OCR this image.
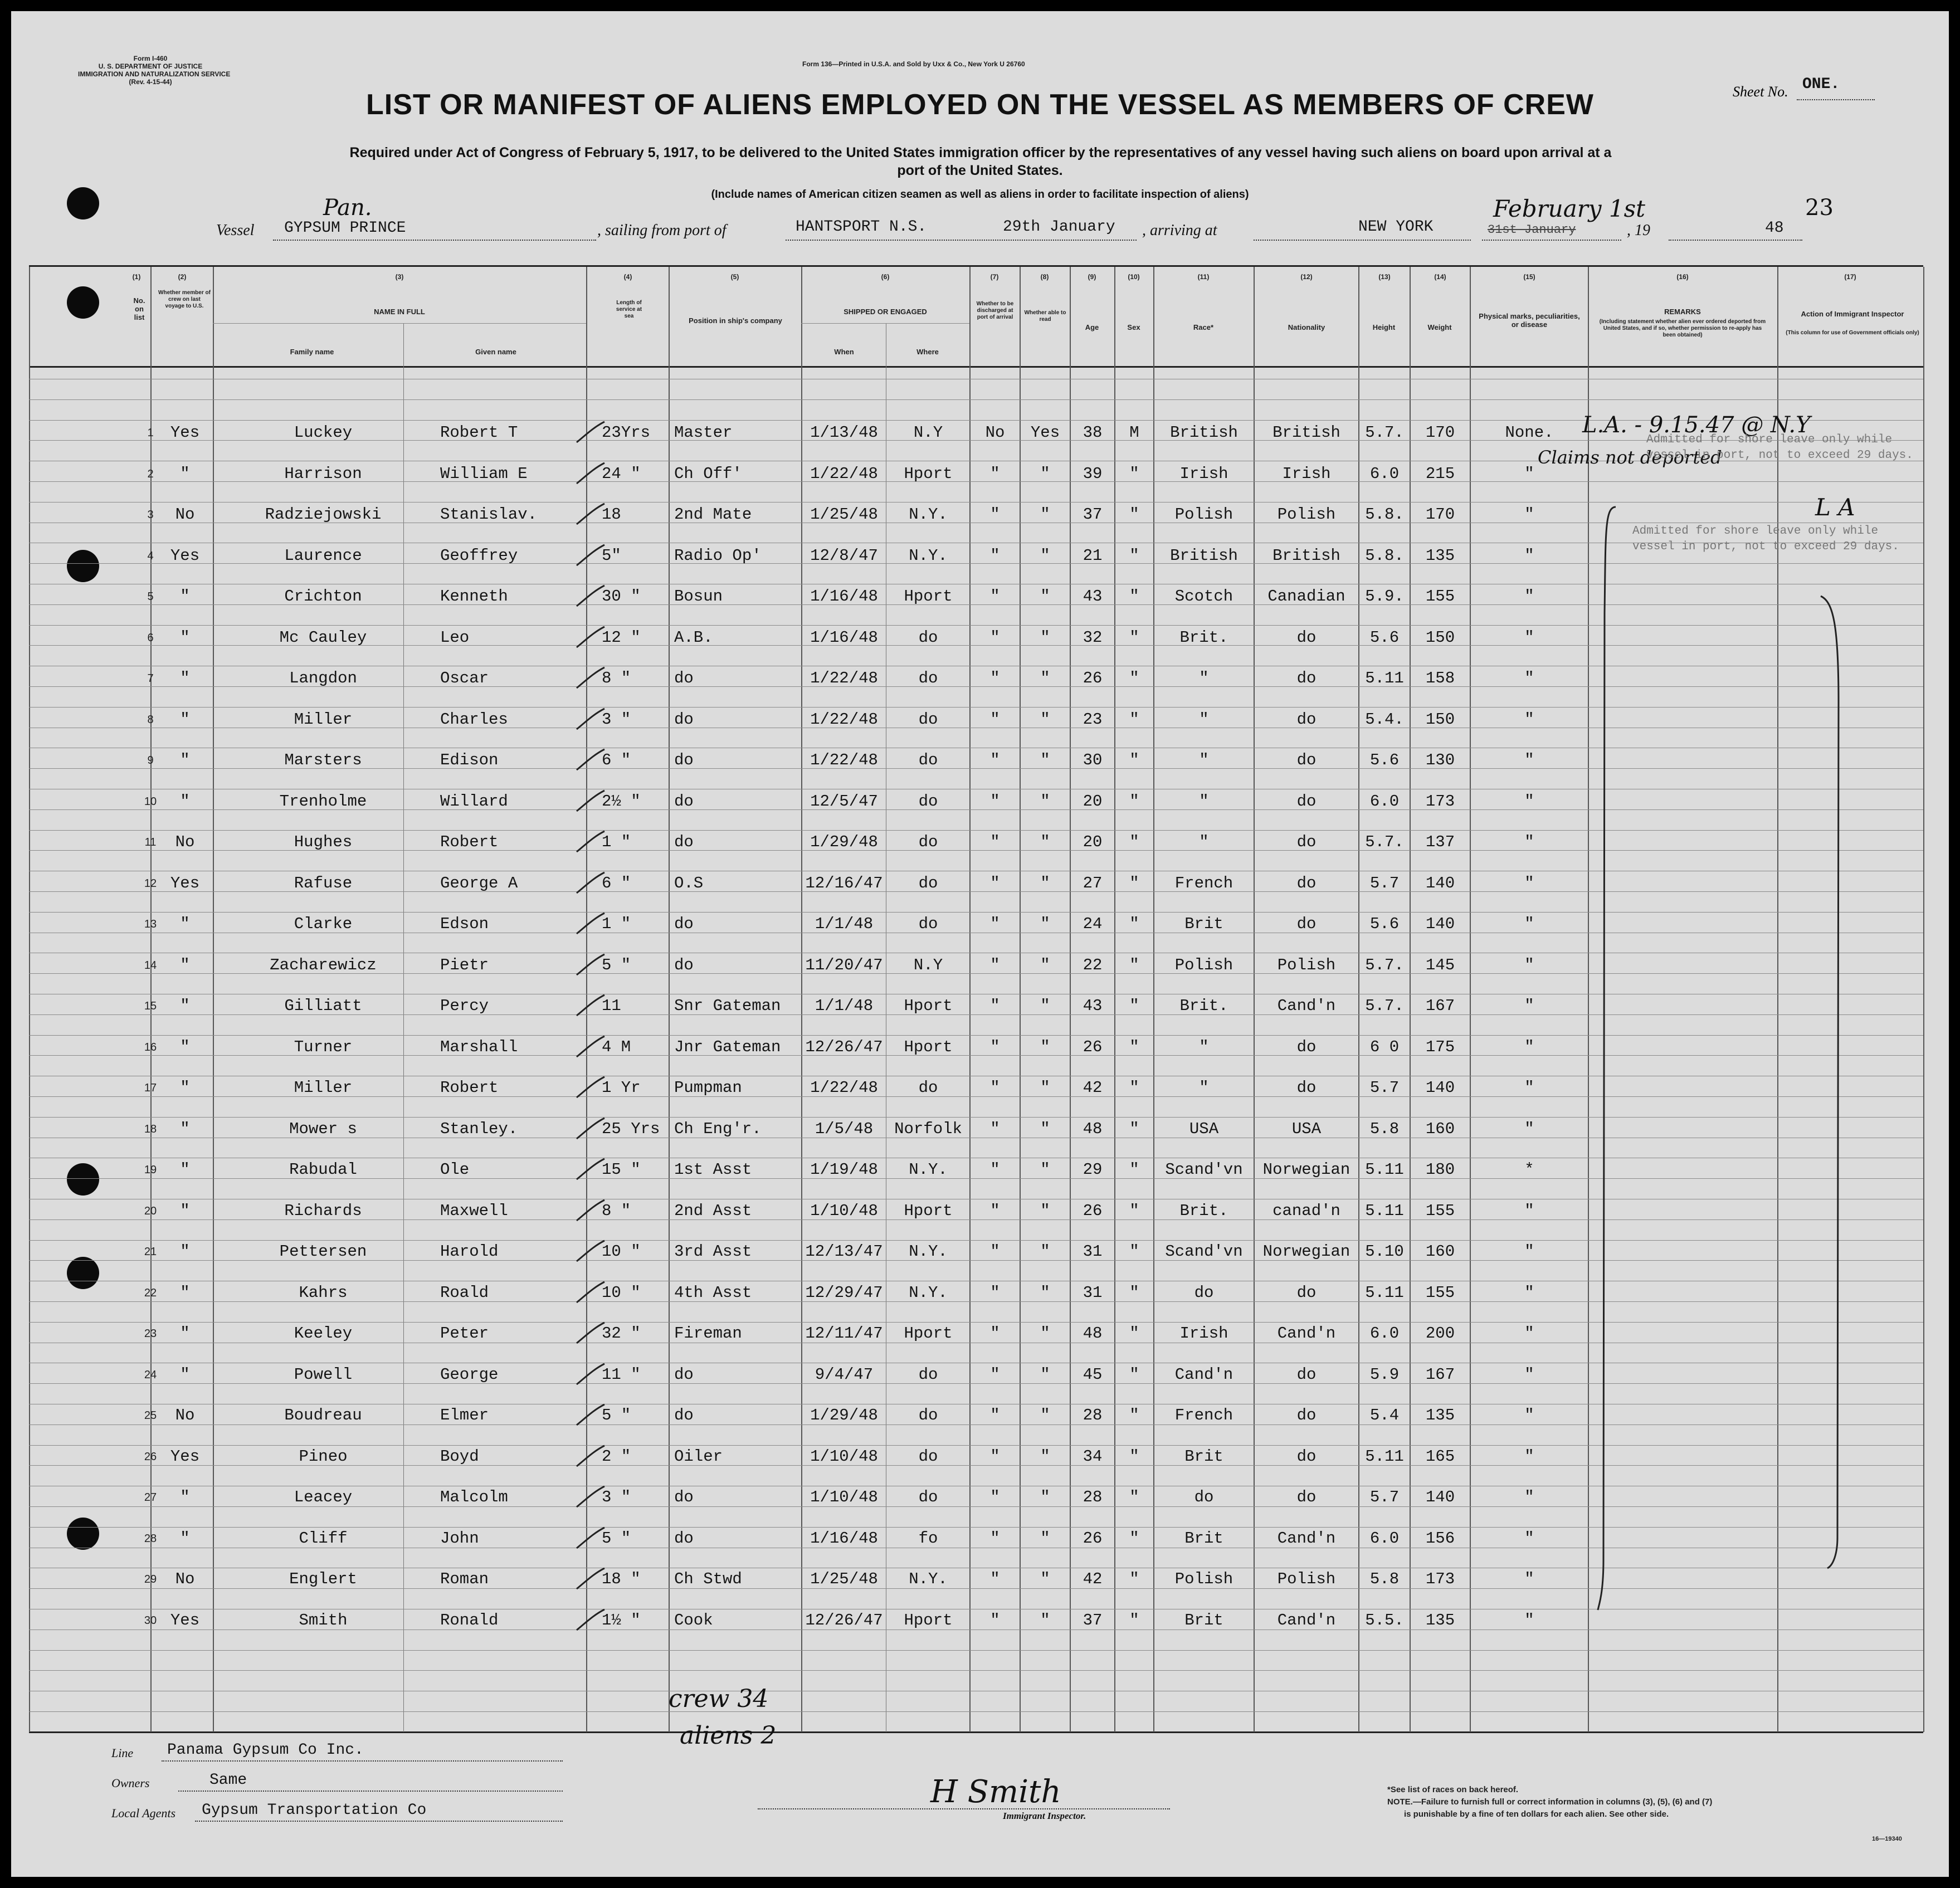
Form I-460
U. S. DEPARTMENT OF JUSTICE
IMMIGRATION AND NATURALIZATION SERVICE
(Rev. 4-15-44)
Form 136—Printed in U.S.A. and Sold by Uxx & Co., New York U 26760
Sheet No. ONE.
LIST OR MANIFEST OF ALIENS EMPLOYED ON THE VESSEL AS MEMBERS OF CREW
Required under Act of Congress of February 5, 1917, to be delivered to the United States immigration officer by the representatives of any vessel having such aliens on board upon arrival at a
port of the United States.
(Include names of American citizen seamen as well as aliens in order to facilitate inspection of aliens)
23
Vessel
Pan.
GYPSUM PRINCE	, sailing from port of	HANTSPORT N.S.	29th January , arriving at	NEW YORK
February 1st
31st January	, 19	48
(1)	(2)	(3)	(4)	(5)	(6)	(7)	(8)	(9)	(10)	(11)	(12)	(13)	(14)	(15)	(16)	(17)
No. on list
Whether member of crew on last voyage to U.S.
NAME IN FULL
Family name	Given name
Length of service at sea
Position in ship's company
SHIPPED OR ENGAGED
When	Where
Whether to be discharged at port of arrival
Whether able to read
Age	Sex	Race*	Nationality	Height	Weight
Physical marks, peculiarities, or disease
REMARKS
(Including statement whether alien ever ordered deported from United States, and if so, whether permission to re-apply has been obtained)
Action of Immigrant Inspector
(This column for use of Government officials only)
1	Yes	Luckey	Robert T	23Yrs	Master	1/13/48	N.Y	No	Yes	38	M	British	British	5.7.	170	None.
2	"	Harrison	William E	24 "	Ch Off'	1/22/48	Hport	"	"	39	"	Irish	Irish	6.0	215	"
3	No	Radziejowski	Stanislav.	18	2nd Mate	1/25/48	N.Y.	"	"	37	"	Polish	Polish	5.8.	170	"
4	Yes	Laurence	Geoffrey	5"	Radio Op'	12/8/47	N.Y.	"	"	21	"	British	British	5.8.	135	"
5	"	Crichton	Kenneth	30 "	Bosun	1/16/48	Hport	"	"	43	"	Scotch	Canadian	5.9.	155	"
6	"	Mc Cauley	Leo	12 "	A.B.	1/16/48	do	"	"	32	"	Brit.	do	5.6	150	"
7	"	Langdon	Oscar	8 "	do	1/22/48	do	"	"	26	"	"	do	5.11	158	"
8	"	Miller	Charles	3 "	do	1/22/48	do	"	"	23	"	"	do	5.4.	150	"
9	"	Marsters	Edison	6 "	do	1/22/48	do	"	"	30	"	"	do	5.6	130	"
10	"	Trenholme	Willard	2½ "	do	12/5/47	do	"	"	20	"	"	do	6.0	173	"
11	No	Hughes	Robert	1 "	do	1/29/48	do	"	"	20	"	"	do	5.7.	137	"
12 Yes	Rafuse	George A	6 "	O.S	12/16/47	do	"	"	27	"	French	do	5.7	140	"
13	"	Clarke	Edson	1 "	do	1/1/48	do	"	"	24	"	Brit	do	5.6	140	"
14	"	Zacharewicz	Pietr	5 "	do	11/20/47	N.Y	"	"	22	"	Polish	Polish	5.7.	145	"
15	"	Gilliatt	Percy	11	Snr Gateman	1/1/48	Hport	"	"	43	"	Brit.	Cand'n	5.7.	167	"
16	"	Turner	Marshall	4 M	Jnr Gateman	12/26/47	Hport	"	"	26	"	"	do	6 0	175	"
17	"	Miller	Robert	1 Yr	Pumpman	1/22/48	do	"	"	42	"	"	do	5.7	140	"
18	"	Mower s	Stanley.	25 Yrs Ch Eng'r.	1/5/48	Norfolk	"	"	48	"	USA	USA	5.8	160	"
19	"	Rabudal	Ole	15 "	1st Asst	1/19/48	N.Y.	"	"	29	"	Scand'vn	Norwegian 5.11	180	*
20	"	Richards	Maxwell	8 "	2nd Asst	1/10/48	Hport	"	"	26	"	Brit.	canad'n	5.11	155	"
21	"	Pettersen	Harold	10 "	3rd Asst	12/13/47	N.Y.	"	"	31	"	Scand'vn	Norwegian 5.10	160	"
22	"	Kahrs	Roald	10 "	4th Asst	12/29/47	N.Y.	"	"	31	"	do	do	5.11	155	"
23	"	Keeley	Peter	32 "	Fireman	12/11/47	Hport	"	"	48	"	Irish	Cand'n	6.0	200	"
24	"	Powell	George	11 "	do	9/4/47	do	"	"	45	"	Cand'n	do	5.9	167	"
25	No	Boudreau	Elmer	5 "	do	1/29/48	do	"	"	28	"	French	do	5.4	135	"
26 Yes	Pineo	Boyd	2 "	Oiler	1/10/48	do	"	"	34	"	Brit	do	5.11	165	"
27	"	Leacey	Malcolm	3 "	do	1/10/48	do	"	"	28	"	do	do	5.7	140	"
28	"	Cliff	John	5 "	do	1/16/48	fo	"	"	26	"	Brit	Cand'n	6.0	156	"
29	No	Englert	Roman	18 "	Ch Stwd	1/25/48	N.Y.	"	"	42	"	Polish	Polish	5.8	173	"
30 Yes	Smith	Ronald	1½ "	Cook	12/26/47	Hport	"	"	37	"	Brit	Cand'n	5.5.	135	"
L.A. - 9.15.47 @ N.Y
Claims not deported
Admitted for shore leave only while vessel in port, not to exceed 29 days.
Admitted for shore leave only while vessel in port, not to exceed 29 days.
L A
crew 34
aliens 2
Line Panama Gypsum Co Inc.
Owners	Same
Local Agents Gypsum Transportation Co
H Smith
Immigrant Inspector.
*See list of races on back hereof.
NOTE.—Failure to furnish full or correct information in columns (3), (5), (6) and (7)
is punishable by a fine of ten dollars for each alien. See other side.
16—19340
